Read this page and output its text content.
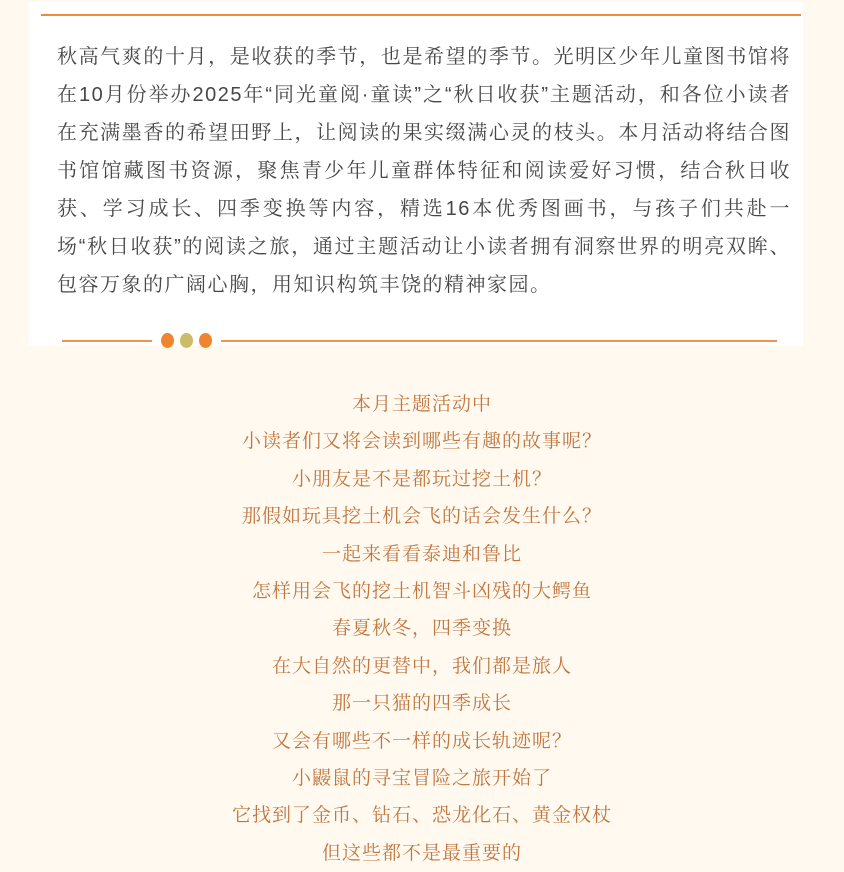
秋高气爽的十月，是收获的季节，也是希望的季节。光明区少年儿童图书馆将在10月份举办2025年“同光童阅·童读”之“秋日收获”主题活动，和各位小读者在充满墨香的希望田野上，让阅读的果实缀满心灵的枝头。本月活动将结合图书馆馆藏图书资源，聚焦青少年儿童群体特征和阅读爱好习惯，结合秋日收获、学习成长、四季变换等内容，精选16本优秀图画书，与孩子们共赴一场“秋日收获”的阅读之旅，通过主题活动让小读者拥有洞察世界的明亮双眸、包容万象的广阔心胸，用知识构筑丰饶的精神家园。
本月主题活动中
小读者们又将会读到哪些有趣的故事呢？
小朋友是不是都玩过挖土机？
那假如玩具挖土机会飞的话会发生什么？
一起来看看泰迪和鲁比
怎样用会飞的挖土机智斗凶残的大鳄鱼
春夏秋冬，四季变换
在大自然的更替中，我们都是旅人
那一只猫的四季成长
又会有哪些不一样的成长轨迹呢？
小鼹鼠的寻宝冒险之旅开始了
它找到了金币、钻石、恐龙化石、黄金权杖
但这些都不是最重要的
